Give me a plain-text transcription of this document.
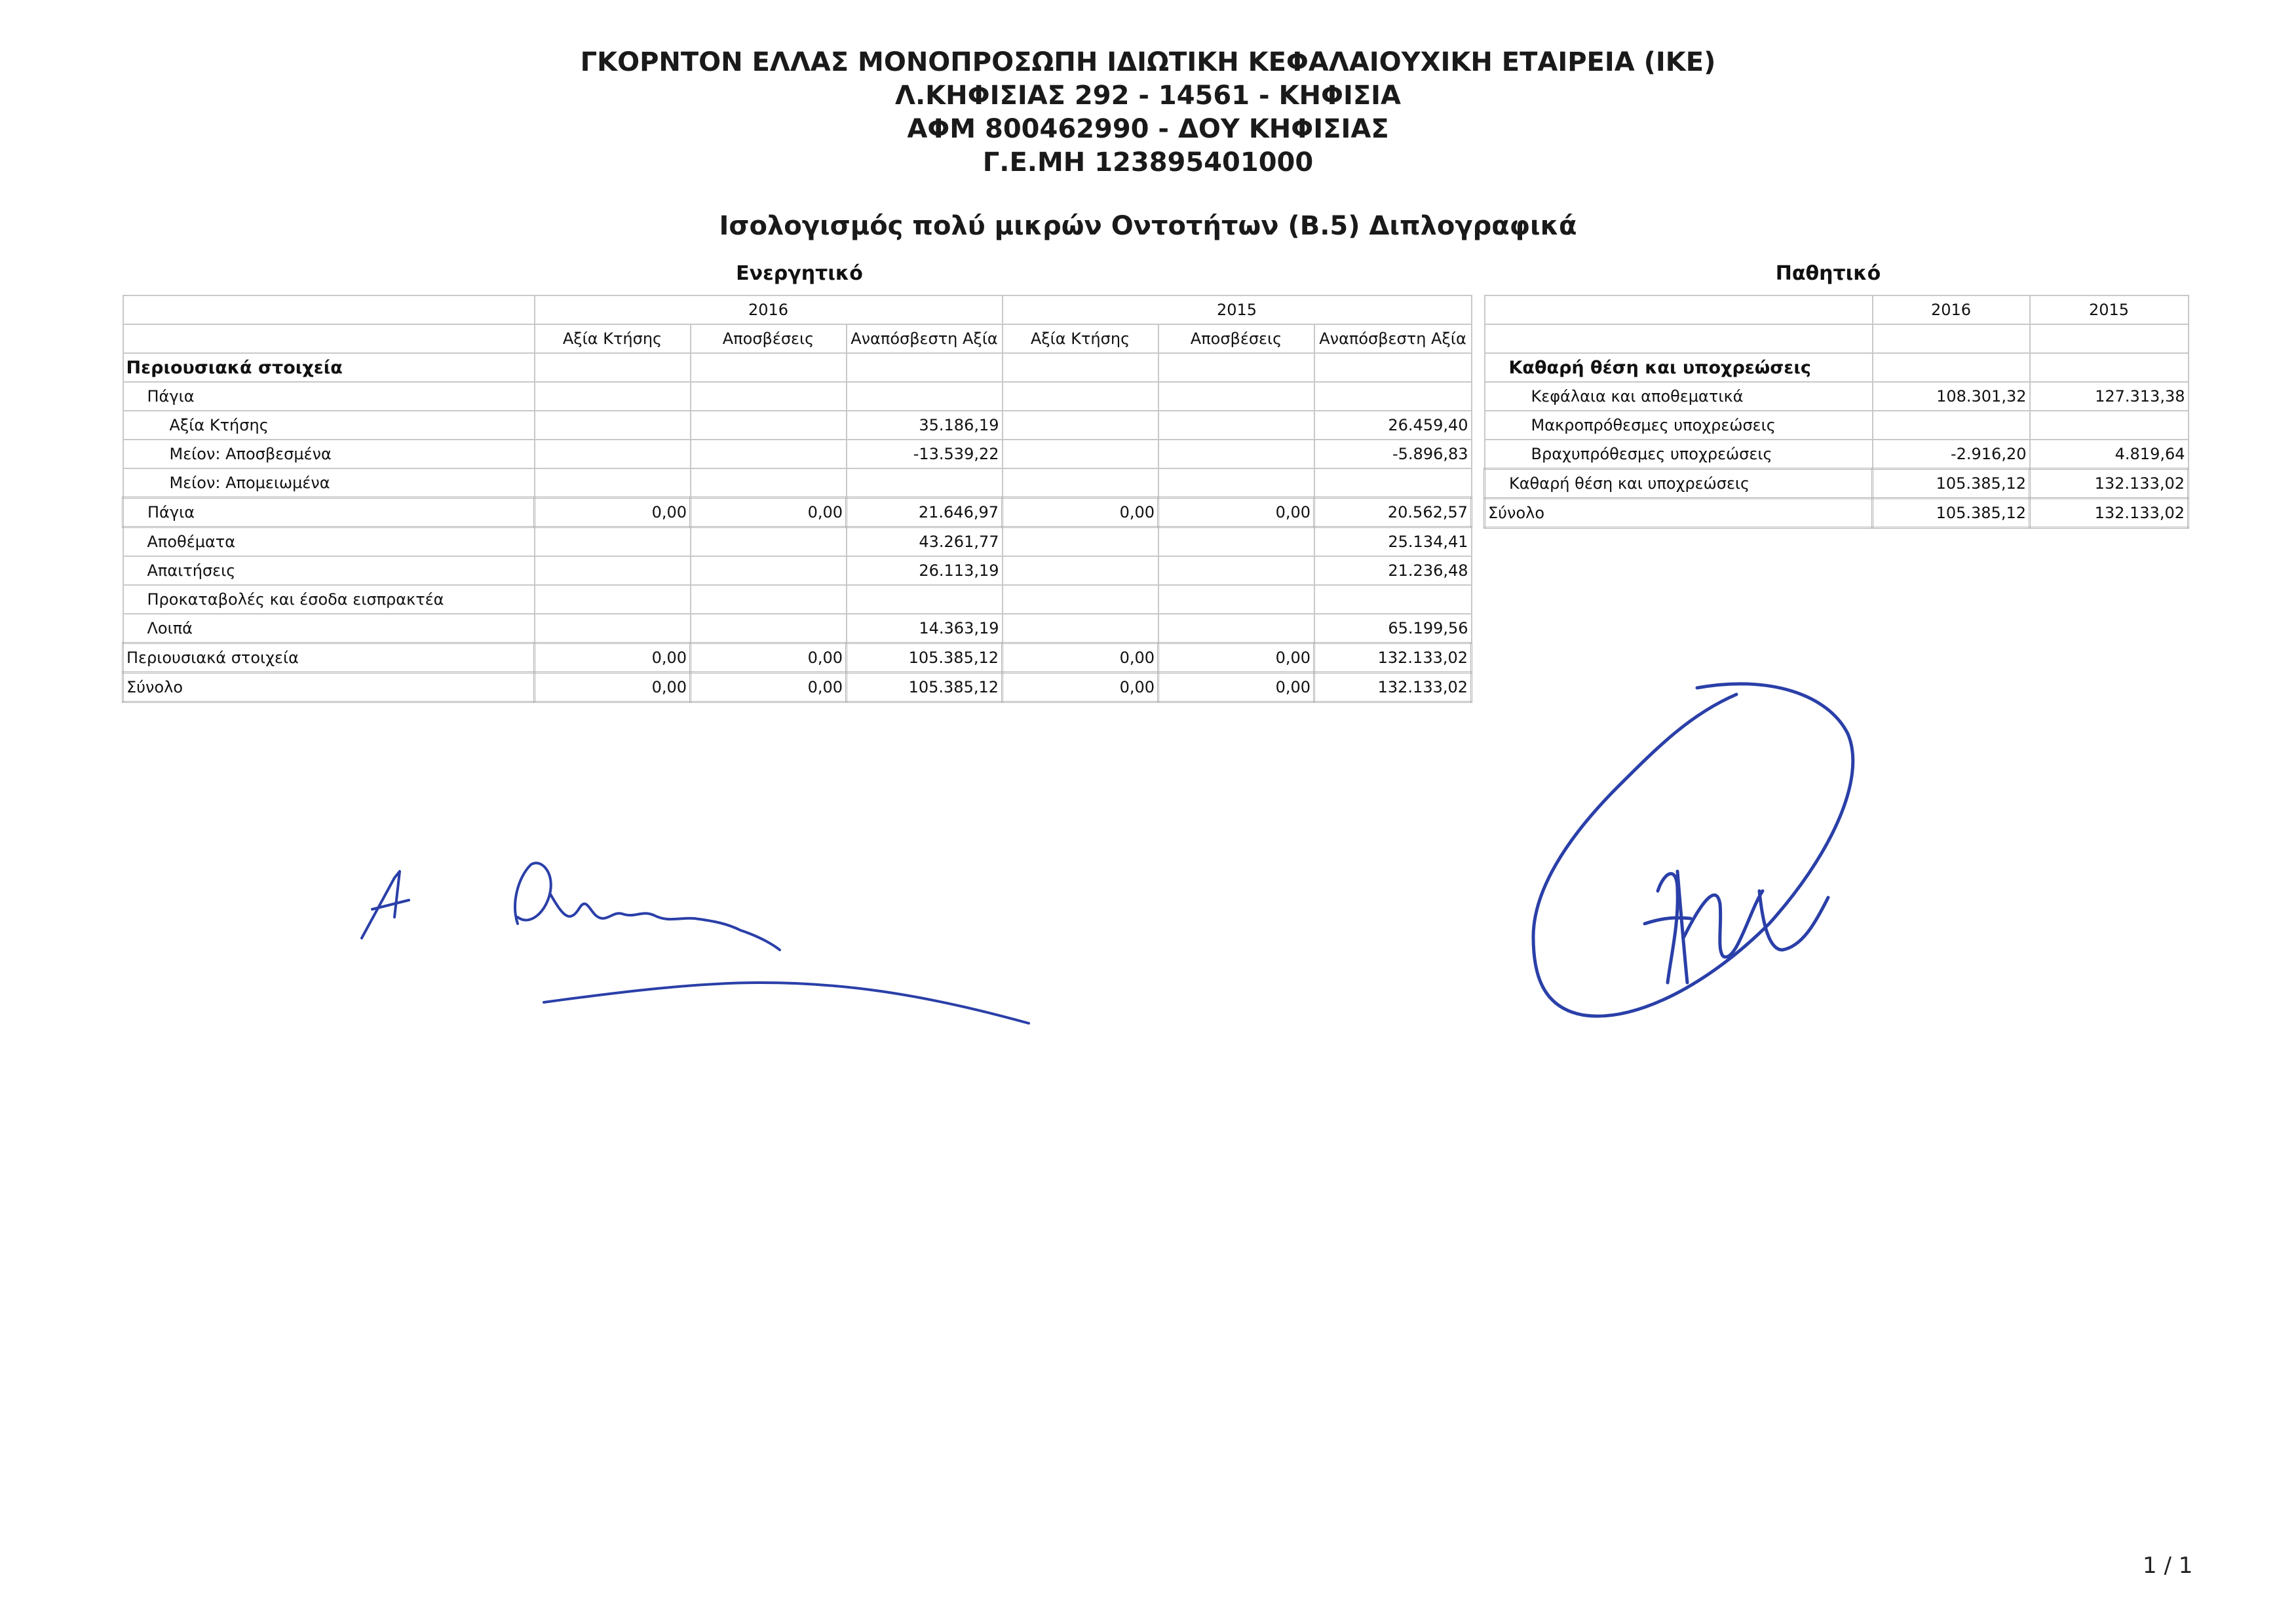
ΓΚΟΡΝΤΟΝ ΕΛΛΑΣ ΜΟΝΟΠΡΟΣΩΠΗ ΙΔΙΩΤΙΚΗ ΚΕΦΑΛΑΙΟΥΧΙΚΗ ΕΤΑΙΡΕΙΑ (ΙΚΕ)
Λ.ΚΗΦΙΣΙΑΣ 292 - 14561 - ΚΗΦΙΣΙΑ
ΑΦΜ 800462990 - ΔΟΥ ΚΗΦΙΣΙΑΣ
Γ.Ε.ΜΗ 123895401000
Ισολογισμός πολύ μικρών Οντοτήτων (Β.5) Διπλογραφικά
Ενεργητικό	Παθητικό
	2016			2015		
	Αξία Κτήσης	Αποσβέσεις	Αναπόσβεστη Αξία	Αξία Κτήσης	Αποσβέσεις	Αναπόσβεστη Αξία
Περιουσιακά στοιχεία						
Πάγια						
Αξία Κτήσης			35.186,19			26.459,40
Μείον: Αποσβεσμένα			-13.539,22			-5.896,83
Μείον: Απομειωμένα						
Πάγια	0,00	0,00	21.646,97	0,00	0,00	20.562,57
Αποθέματα			43.261,77			25.134,41
Απαιτήσεις			26.113,19			21.236,48
Προκαταβολές και έσοδα εισπρακτέα						
Λοιπά			14.363,19			65.199,56
Περιουσιακά στοιχεία	0,00	0,00	105.385,12	0,00	0,00	132.133,02
Σύνολο	0,00	0,00	105.385,12	0,00	0,00	132.133,02
	2016	2015

Καθαρή θέση και υποχρεώσεις		
Κεφάλαια και αποθεματικά	108.301,32	127.313,38
Μακροπρόθεσμες υποχρεώσεις		
Βραχυπρόθεσμες υποχρεώσεις	-2.916,20	4.819,64
Καθαρή θέση και υποχρεώσεις	105.385,12	132.133,02
Σύνολο	105.385,12	132.133,02
1 / 1
